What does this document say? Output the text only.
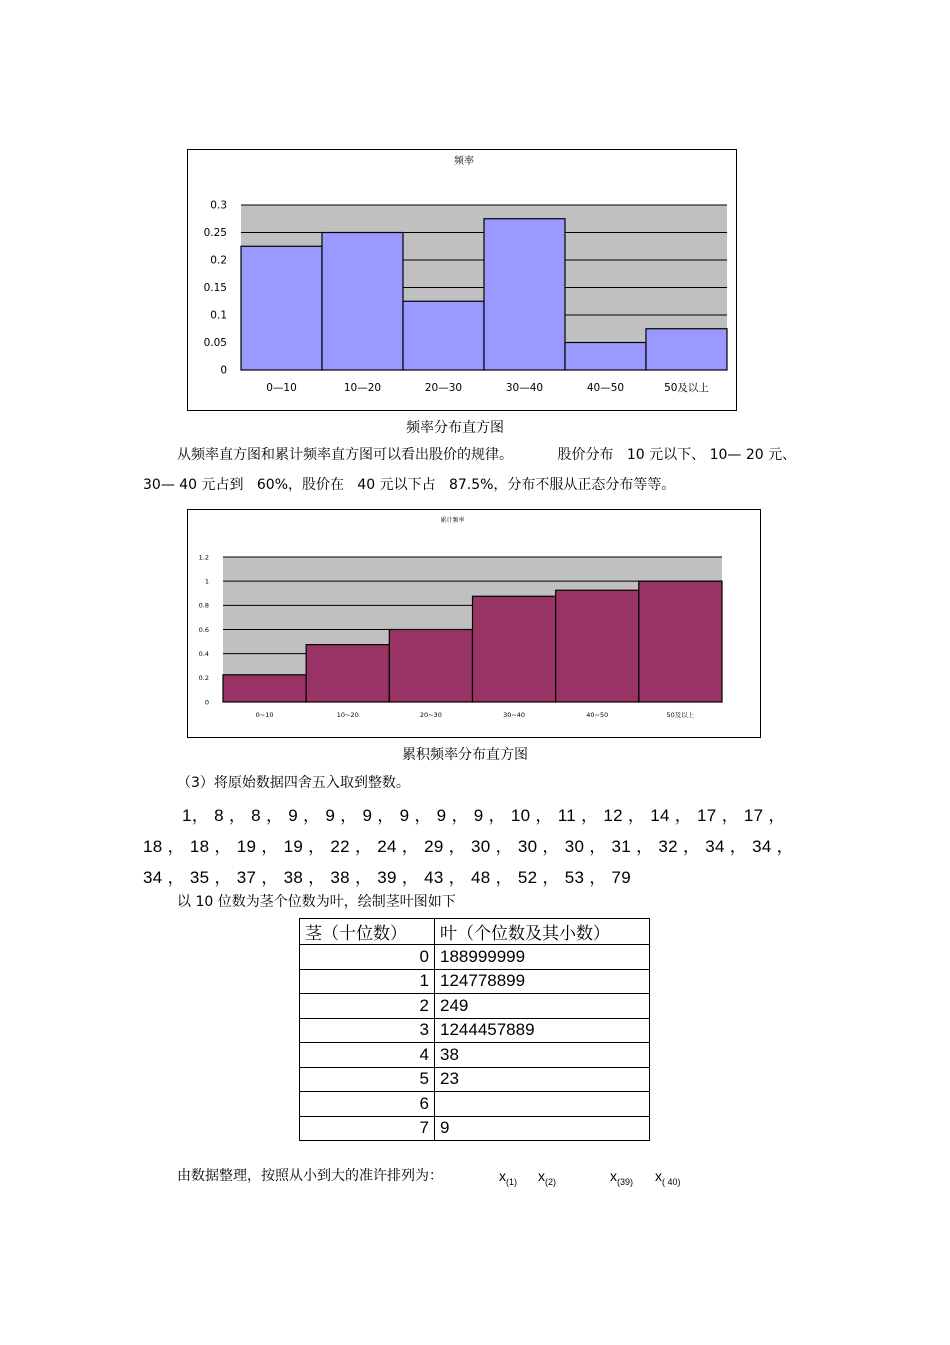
0
0.05
0.1
0.15
0.2
0.25
0.3
0—10	10—20	20—30	30—40	40—50	50及以上
频率
频率分布直方图
从频率直方图和累计频率直方图可以看出股价的规律。          股价分布   10 元以下、 10— 20 元、
30— 40 元占到   60%，股价在   40 元以下占   87.5%，分布不服从正态分布等等。
0
0.2
0.4
0.6
0.8
1
1.2
0~10	10~20	20~30	30~40	40~50	50及以上
累计频率
累积频率分布直方图
（3）将原始数据四舍五入取到整数。
1， 8 ， 8 ， 9 ， 9 ， 9 ， 9 ， 9 ， 9 ， 10 ， 11 ， 12 ， 14 ， 17 ， 17 ，
18 ， 18 ， 19 ， 19 ， 22 ， 24 ， 29 ， 30 ， 30 ， 30 ， 31 ， 32 ， 34 ， 34 ，
34 ， 35 ， 37 ， 38 ， 38 ， 39 ， 43 ， 48 ， 52 ， 53 ， 79
以 10 位数为茎个位数为叶，绘制茎叶图如下
茎（十位数）	叶（个位数及其小数）
0	188999999
1	124778899
2	249
3	1244457889
4	38
5	23
6	
7	9
由数据整理，按照从小到大的准许排列为：	$x_{(1)}$ $x_{(2)}$	$x_{(39)}$ $x_{( 40)}$
